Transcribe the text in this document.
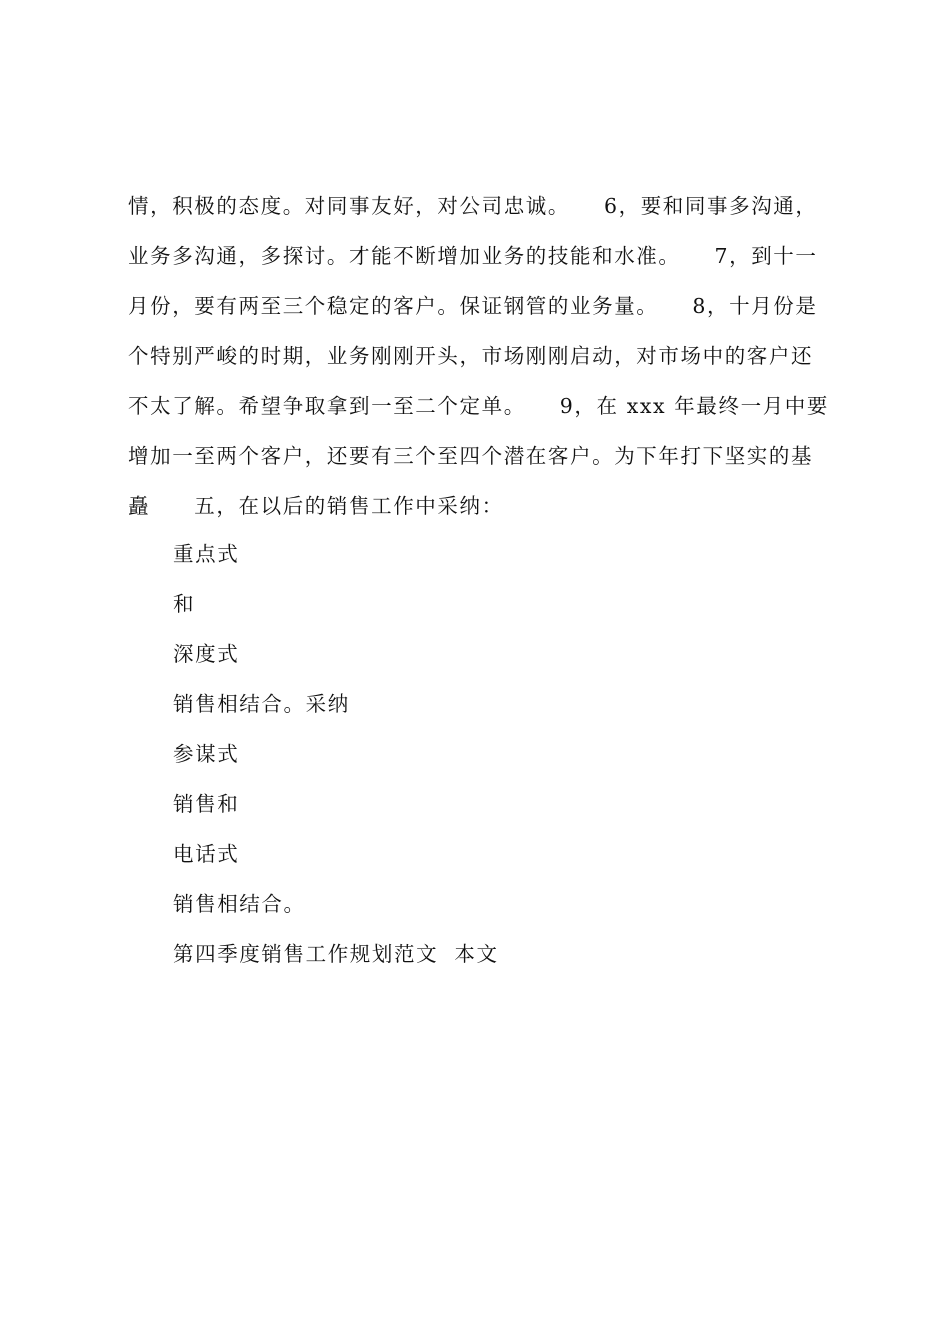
情，积极的态度。对同事友好，对公司忠诚。　　6，要和同事多沟通，
业务多沟通，多探讨。才能不断增加业务的技能和水准。　　7，到十一
月份，要有两至三个稳定的客户。保证钢管的业务量。　　8，十月份是
个特别严峻的时期，业务刚刚开头，市场刚刚启动，对市场中的客户还
不太了解。希望争取拿到一至二个定单。　　9，在 xxx 年最终一月中要
增加一至两个客户，还要有三个至四个潜在客户。为下年打下坚实的基
矗　　五，在以后的销售工作中采纳：
重点式
和
深度式
销售相结合。采纳
参谋式
销售和
电话式
销售相结合。
第四季度销售工作规划范文  本文
